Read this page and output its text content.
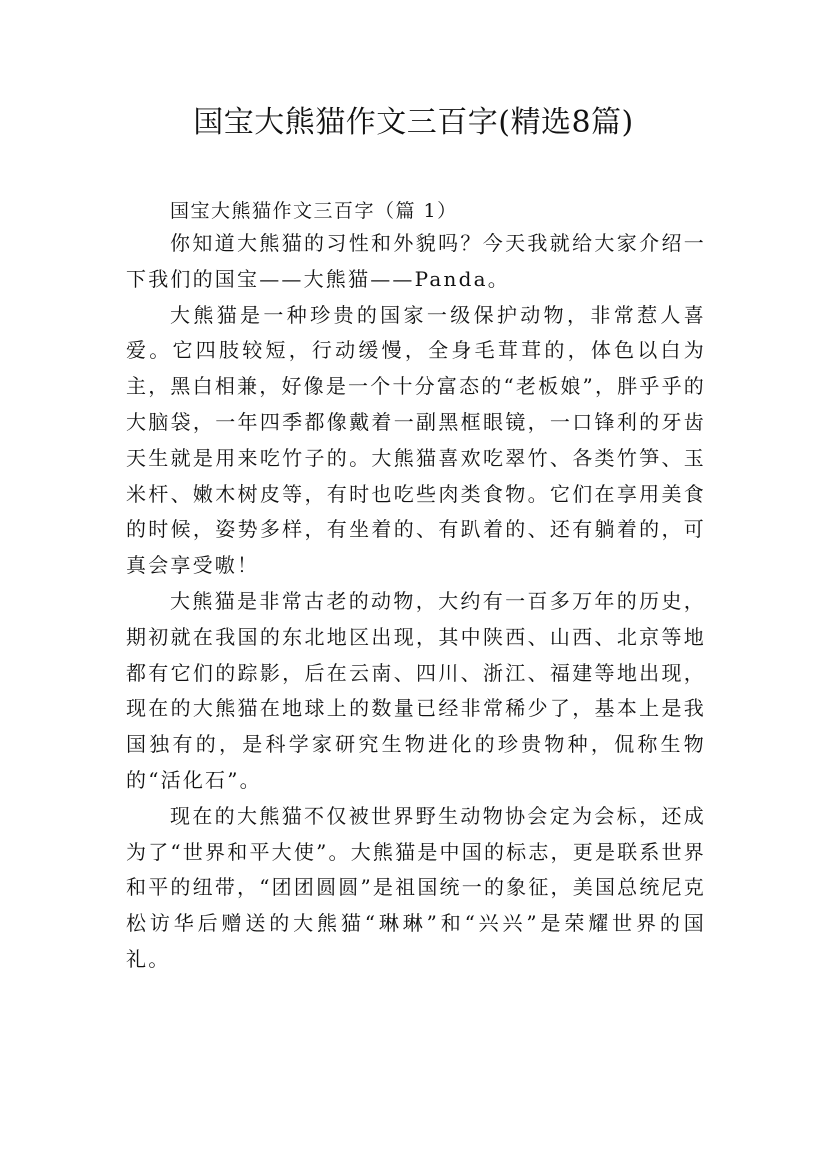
国宝大熊猫作文三百字(精选8篇)

国宝大熊猫作文三百字（篇 1）

你知道大熊猫的习性和外貌吗？今天我就给大家介绍一下我们的国宝——大熊猫——Panda。

大熊猫是一种珍贵的国家一级保护动物，非常惹人喜爱。它四肢较短，行动缓慢，全身毛茸茸的，体色以白为主，黑白相兼，好像是一个十分富态的“老板娘”，胖乎乎的大脑袋，一年四季都像戴着一副黑框眼镜，一口锋利的牙齿天生就是用来吃竹子的。大熊猫喜欢吃翠竹、各类竹笋、玉米杆、嫩木树皮等，有时也吃些肉类食物。它们在享用美食的时候，姿势多样，有坐着的、有趴着的、还有躺着的，可真会享受嗷！

大熊猫是非常古老的动物，大约有一百多万年的历史，期初就在我国的东北地区出现，其中陕西、山西、北京等地都有它们的踪影，后在云南、四川、浙江、福建等地出现，现在的大熊猫在地球上的数量已经非常稀少了，基本上是我国独有的，是科学家研究生物进化的珍贵物种，侃称生物的“活化石”。

现在的大熊猫不仅被世界野生动物协会定为会标，还成为了“世界和平大使”。大熊猫是中国的标志，更是联系世界和平的纽带，“团团圆圆”是祖国统一的象征，美国总统尼克松访华后赠送的大熊猫“琳琳”和“兴兴”是荣耀世界的国礼。
